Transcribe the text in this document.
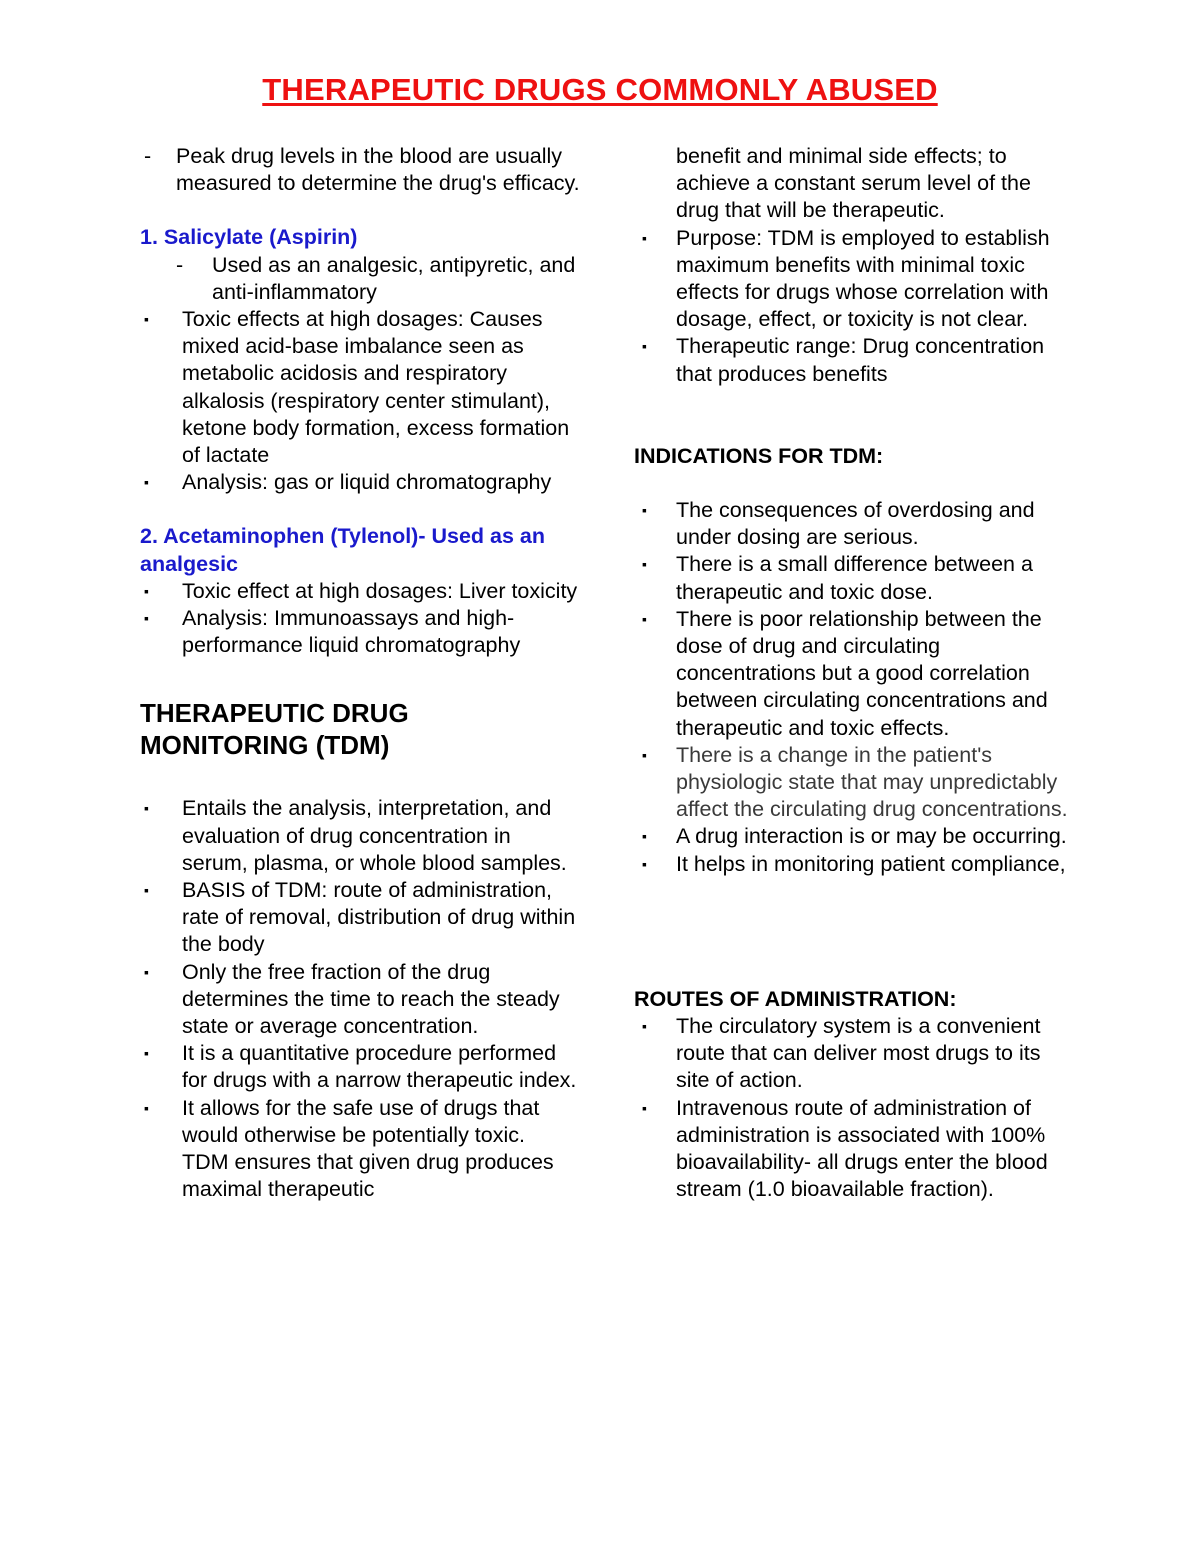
THERAPEUTIC DRUGS COMMONLY ABUSED
- Peak drug levels in the blood are usually measured to determine the drug's efficacy.
1. Salicylate (Aspirin)
- Used as an analgesic, antipyretic, and anti-inflammatory
▪ Toxic effects at high dosages: Causes mixed acid-base imbalance seen as metabolic acidosis and respiratory alkalosis (respiratory center stimulant), ketone body formation, excess formation of lactate
▪ Analysis: gas or liquid chromatography
2. Acetaminophen (Tylenol)- Used as an analgesic
▪ Toxic effect at high dosages: Liver toxicity
▪ Analysis: Immunoassays and high-performance liquid chromatography
THERAPEUTIC DRUG MONITORING (TDM)
▪ Entails the analysis, interpretation, and evaluation of drug concentration in serum, plasma, or whole blood samples.
▪ BASIS of TDM: route of administration, rate of removal, distribution of drug within the body
▪ Only the free fraction of the drug determines the time to reach the steady state or average concentration.
▪ It is a quantitative procedure performed for drugs with a narrow therapeutic index.
▪ It allows for the safe use of drugs that would otherwise be potentially toxic.
TDM ensures that given drug produces maximal therapeutic
benefit and minimal side effects; to achieve a constant serum level of the drug that will be therapeutic.
▪ Purpose: TDM is employed to establish maximum benefits with minimal toxic effects for drugs whose correlation with dosage, effect, or toxicity is not clear.
▪ Therapeutic range: Drug concentration that produces benefits
INDICATIONS FOR TDM:
▪ The consequences of overdosing and under dosing are serious.
▪ There is a small difference between a therapeutic and toxic dose.
▪ There is poor relationship between the dose of drug and circulating concentrations but a good correlation between circulating concentrations and therapeutic and toxic effects.
▪ There is a change in the patient's physiologic state that may unpredictably affect the circulating drug concentrations.
▪ A drug interaction is or may be occurring.
▪ It helps in monitoring patient compliance,
ROUTES OF ADMINISTRATION:
▪ The circulatory system is a convenient route that can deliver most drugs to its site of action.
▪ Intravenous route of administration of administration is associated with 100% bioavailability- all drugs enter the blood stream (1.0 bioavailable fraction).
